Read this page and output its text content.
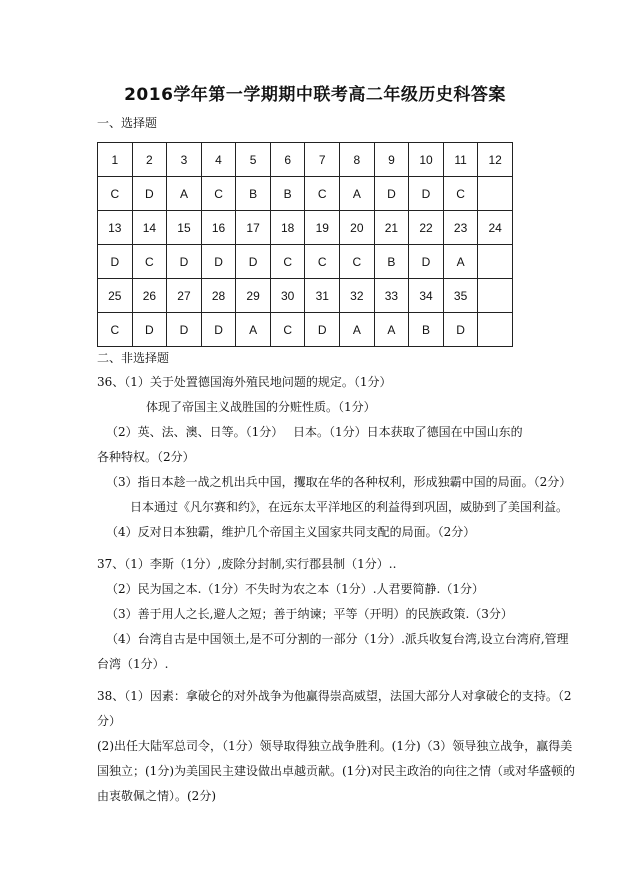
2016学年第一学期期中联考高二年级历史科答案
一、选择题
1	2	3	4	5	6	7	8	9	10	11	12
C	D	A	C	B	B	C	A	D	D	C	
13	14	15	16	17	18	19	20	21	22	23	24
D	C	D	D	D	C	C	C	B	D	A	
25	26	27	28	29	30	31	32	33	34	35	
C	D	D	D	A	C	D	A	A	B	D	
二、非选择题
36、（1）关于处置德国海外殖民地问题的规定。（1分）
体现了帝国主义战胜国的分赃性质。（1分）
（2）英、法、澳、日等。（1分） 日本。（1分）日本获取了德国在中国山东的
各种特权。（2分）
（3）指日本趁一战之机出兵中国，攫取在华的各种权利，形成独霸中国的局面。（2分）
日本通过《凡尔赛和约》，在远东太平洋地区的利益得到巩固，威胁到了美国利益。
（4）反对日本独霸，维护几个帝国主义国家共同支配的局面。（2分）
37、（1）李斯（1分）,废除分封制,实行郡县制（1分）..
（2）民为国之本.（1分）不失时为农之本（1分）.人君要简静.（1分）
（3）善于用人之长,避人之短；善于纳谏；平等（开明）的民族政策.（3分）
（4）台湾自古是中国领土,是不可分割的一部分（1分）.派兵收复台湾,设立台湾府,管理
台湾（1分）.
38、（1）因素：拿破仑的对外战争为他赢得崇高威望，法国大部分人对拿破仑的支持。（2
分）
(2)出任大陆军总司令，（1分）领导取得独立战争胜利。(1分)（3）领导独立战争，赢得美
国独立；(1分)为美国民主建设做出卓越贡献。(1分)对民主政治的向往之情（或对华盛顿的
由衷敬佩之情）。(2分)
